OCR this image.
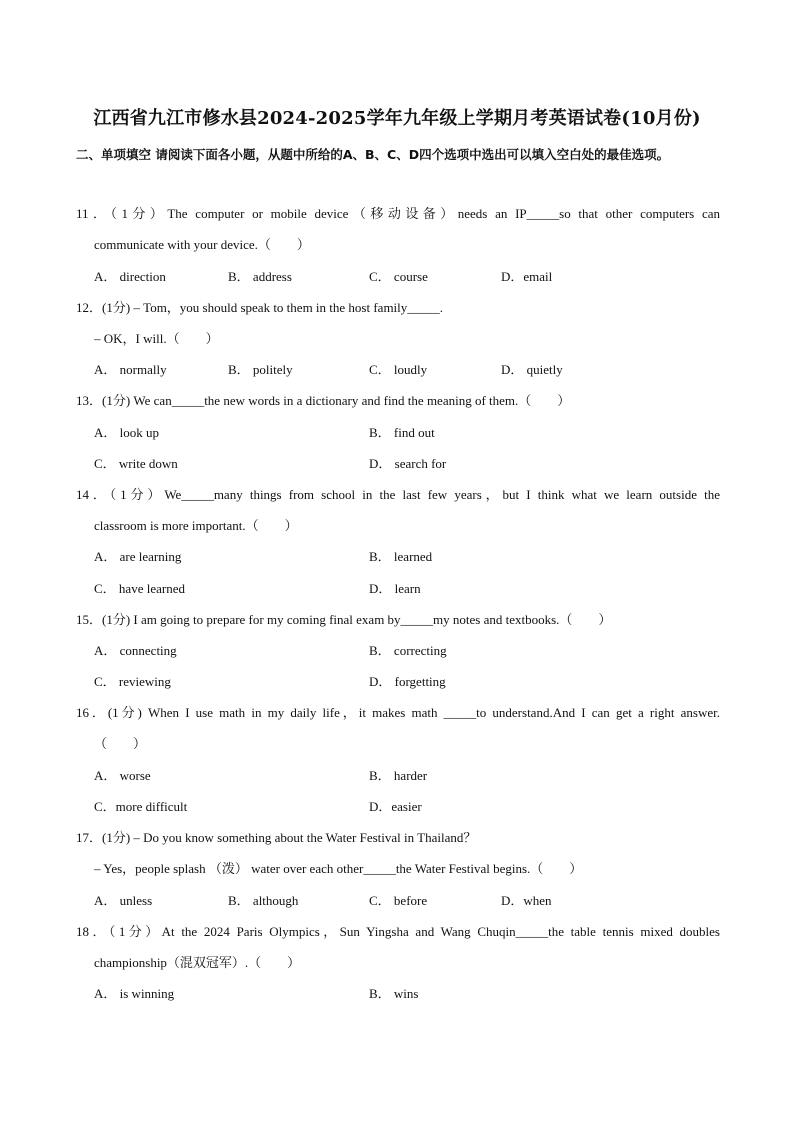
江西省九江市修水县2024-2025学年九年级上学期月考英语试卷(10月份)
二、单项填空 请阅读下面各小题，从题中所给的A、B、C、D四个选项中选出可以填入空白处的最佳选项。
11．（1分）The computer or mobile device（移动设备）needs an IP_____so that other computers can
communicate with your device.（　　）
A． direction	B． address	C． course	D．email
12．(1分) – Tom，you should speak to them in the host family_____.
– OK，I will.（　　）
A． normally	B． politely	C． loudly	D． quietly
13．(1分) We can_____the new words in a dictionary and find the meaning of them.（　　）
A． look up	B． find out
C． write down	D． search for
14．（1分）We_____many things from school in the last few years，but I think what we learn outside the
classroom is more important.（　　）
A． are learning	B． learned
C． have learned	D． learn
15．(1分) I am going to prepare for my coming final exam by_____my notes and textbooks.（　　）
A． connecting	B． correcting
C． reviewing	D． forgetting
16．(1分) When I use math in my daily life，it makes math _____to understand.And I can get a right answer.
（　　）
A． worse	B． harder
C．more difficult	D．easier
17．(1分) – Do you know something about the Water Festival in Thailand？
– Yes，people splash （泼） water over each other_____the Water Festival begins.（　　）
A． unless	B． although	C． before	D．when
18．（1分）At the 2024 Paris Olympics，Sun Yingsha and Wang Chuqin_____the table tennis mixed doubles
championship（混双冠军）.（　　）
A． is winning	B． wins
